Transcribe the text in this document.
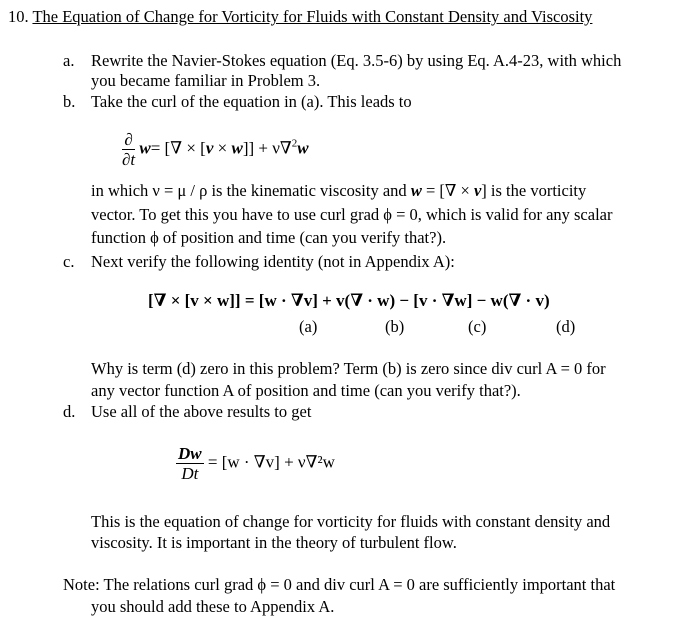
10. The Equation of Change for Vorticity for Fluids with Constant Density and Viscosity
a.	Rewrite the Navier-Stokes equation (Eq. 3.5-6) by using Eq. A.4-23, with which
you became familiar in Problem 3.
b. Take the curl of the equation in (a). This leads to
$\frac{\partial}{\partial t} w=$ [∇ × [v × w]] + ν∇$^2$w
in which ν = μ / ρ is the kinematic viscosity and w = [∇ × v] is the vorticity
vector. To get this you have to use curl grad ϕ = 0, which is valid for any scalar
function ϕ of position and time (can you verify that?).
c.	Next verify the following identity (not in Appendix A):
[∇ × [v × w]] = [w · ∇v] + v(∇ · w) − [v · ∇w] − w(∇ · v)
(a)	(b)	(c)	(d)
Why is term (d) zero in this problem? Term (b) is zero since div curl A = 0 for
any vector function A of position and time (can you verify that?).
d. Use all of the above results to get
$\frac{Dw}{Dt} = [w \cdot \nabla v] + \nu\nabla^2w$
This is the equation of change for vorticity for fluids with constant density and
viscosity. It is important in the theory of turbulent flow.
Note: The relations curl grad ϕ = 0 and div curl A = 0 are sufficiently important that
you should add these to Appendix A.
